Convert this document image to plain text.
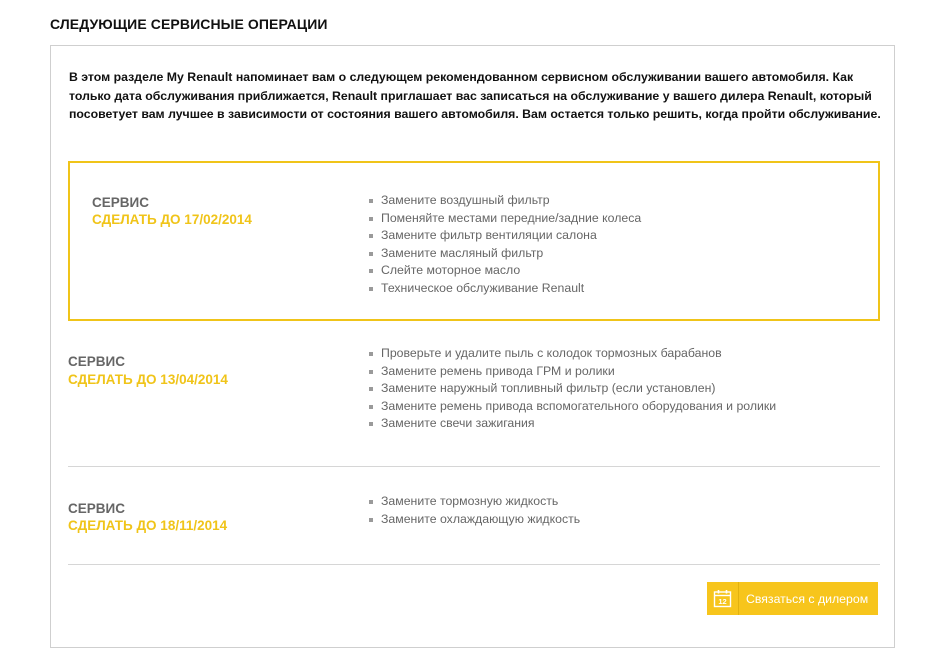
СЛЕДУЮЩИЕ СЕРВИСНЫЕ ОПЕРАЦИИ

В этом разделе My Renault напоминает вам о следующем рекомендованном сервисном обслуживании вашего автомобиля. Как только дата обслуживания приближается, Renault приглашает вас записаться на обслуживание у вашего дилера Renault, который посоветует вам лучшее в зависимости от состояния вашего автомобиля. Вам остается только решить, когда пройти обслуживание.

СЕРВИС
СДЕЛАТЬ ДО 17/02/2014
Замените воздушный фильтр
Поменяйте местами передние/задние колеса
Замените фильтр вентиляции салона
Замените масляный фильтр
Слейте моторное масло
Техническое обслуживание Renault
СЕРВИС
СДЕЛАТЬ ДО 13/04/2014
Проверьте и удалите пыль с колодок тормозных барабанов
Замените ремень привода ГРМ и ролики
Замените наружный топливный фильтр (если установлен)
Замените ремень привода вспомогательного оборудования и ролики
Замените свечи зажигания
СЕРВИС
СДЕЛАТЬ ДО 18/11/2014
Замените тормозную жидкость
Замените охлаждающую жидкость
12	Связаться с дилером
